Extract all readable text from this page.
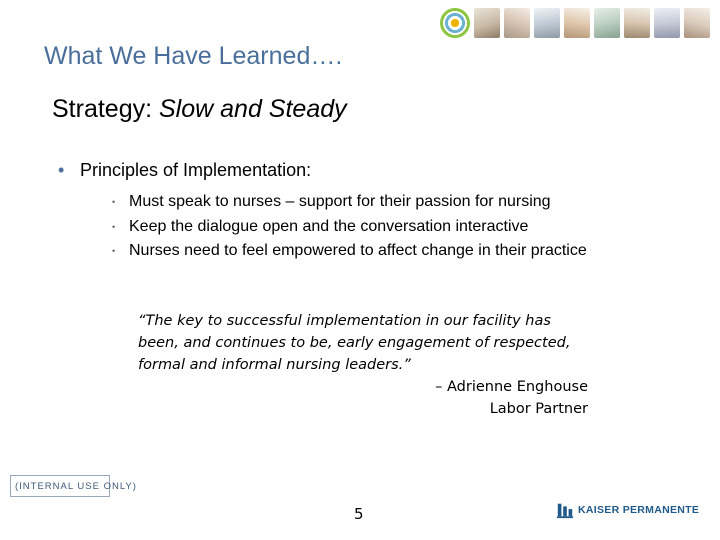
What We Have Learned….
Strategy: Slow and Steady
• Principles of Implementation:
• Must speak to nurses – support for their passion for nursing
• Keep the dialogue open and the conversation interactive
• Nurses need to feel empowered to affect change in their practice
“The key to successful implementation in our facility has been, and continues to be, early engagement of respected, formal and informal nursing leaders.”
– Adrienne Enghouse
Labor Partner
(INTERNAL USE ONLY)
5	KAISER PERMANENTE
